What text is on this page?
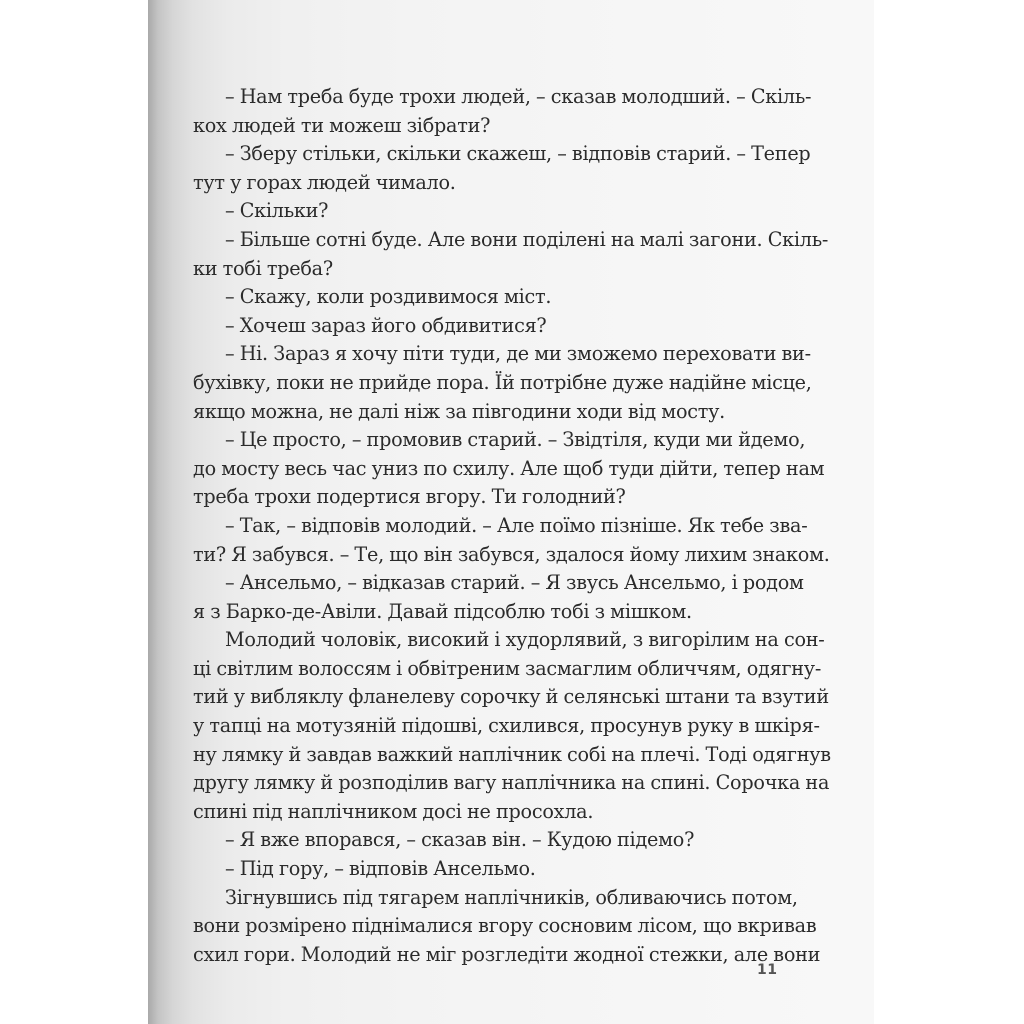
– Нам треба буде трохи людей, – сказав молодший. – Скіль-
кох людей ти можеш зібрати?
– Зберу стільки, скільки скажеш, – відповів старий. – Тепер
тут у горах людей чимало.
– Скільки?
– Більше сотні буде. Але вони поділені на малі загони. Скіль-
ки тобі треба?
– Скажу, коли роздивимося міст.
– Хочеш зараз його обдивитися?
– Ні. Зараз я хочу піти туди, де ми зможемо переховати ви-
бухівку, поки не прийде пора. Їй потрібне дуже надійне місце,
якщо можна, не далі ніж за півгодини ходи від мосту.
– Це просто, – промовив старий. – Звідтіля, куди ми йдемо,
до мосту весь час униз по схилу. Але щоб туди дійти, тепер нам
треба трохи подертися вгору. Ти голодний?
– Так, – відповів молодий. – Але поїмо пізніше. Як тебе зва-
ти? Я забувся. – Те, що він забувся, здалося йому лихим знаком.
– Ансельмо, – відказав старий. – Я звусь Ансельмо, і родом
я з Барко-де-Авіли. Давай підсоблю тобі з мішком.
Молодий чоловік, високий і худорлявий, з вигорілим на сон-
ці світлим волоссям і обвітреним засмаглим обличчям, одягну-
тий у вибляклу фланелеву сорочку й селянські штани та взутий
у тапці на мотузяній підошві, схилився, просунув руку в шкіря-
ну лямку й завдав важкий наплічник собі на плечі. Тоді одягнув
другу лямку й розподілив вагу наплічника на спині. Сорочка на
спині під наплічником досі не просохла.
– Я вже впорався, – сказав він. – Кудою підемо?
– Під гору, – відповів Ансельмо.
Зігнувшись під тягарем наплічників, обливаючись потом,
вони розмірено піднімалися вгору сосновим лісом, що вкривав
схил гори. Молодий не міг розгледіти жодної стежки, але вони
11
